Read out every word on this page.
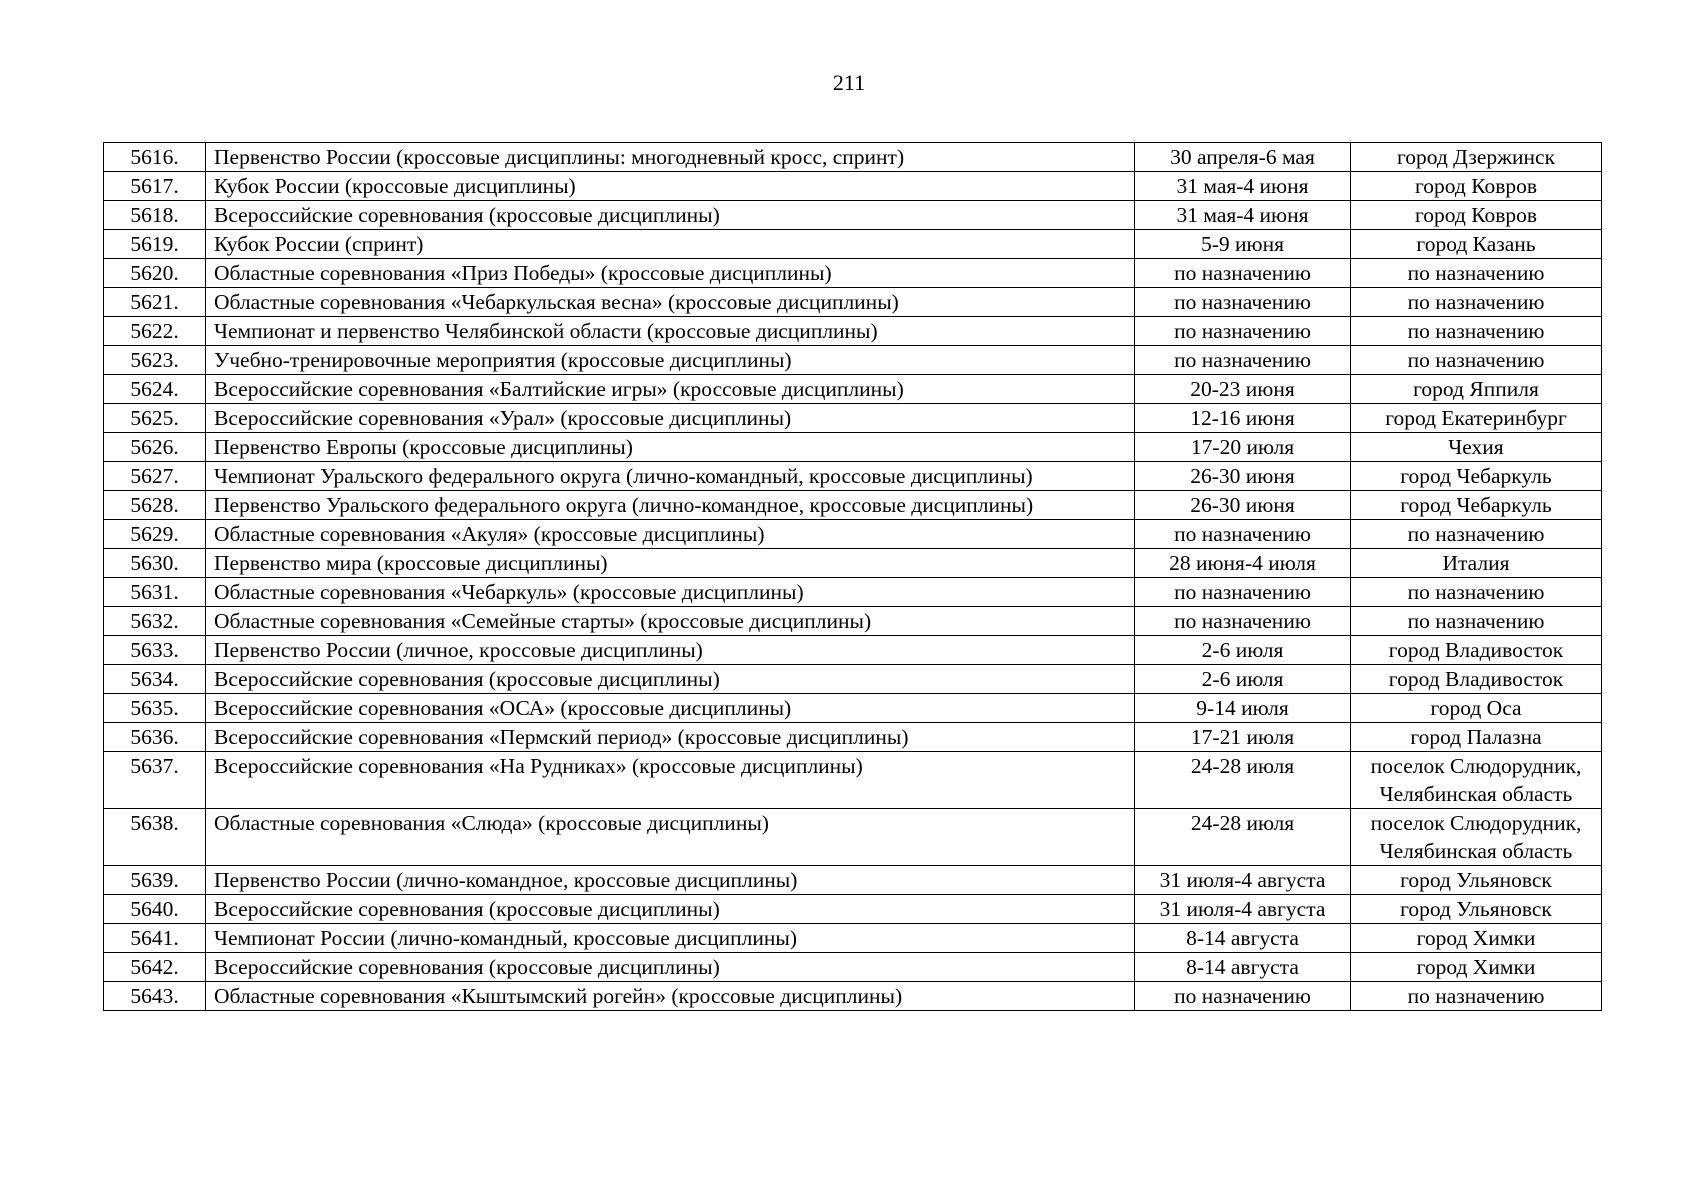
211
5616.	Первенство России (кроссовые дисциплины: многодневный кросс, спринт)	30 апреля-6 мая	город Дзержинск
5617.	Кубок России (кроссовые дисциплины)	31 мая-4 июня	город Ковров
5618.	Всероссийские соревнования (кроссовые дисциплины)	31 мая-4 июня	город Ковров
5619.	Кубок России (спринт)	5-9 июня	город Казань
5620.	Областные соревнования «Приз Победы» (кроссовые дисциплины)	по назначению	по назначению
5621.	Областные соревнования «Чебаркульская весна» (кроссовые дисциплины)	по назначению	по назначению
5622.	Чемпионат и первенство Челябинской области (кроссовые дисциплины)	по назначению	по назначению
5623.	Учебно-тренировочные мероприятия (кроссовые дисциплины)	по назначению	по назначению
5624.	Всероссийские соревнования «Балтийские игры» (кроссовые дисциплины)	20-23 июня	город Яппиля
5625.	Всероссийские соревнования «Урал» (кроссовые дисциплины)	12-16 июня	город Екатеринбург
5626.	Первенство Европы (кроссовые дисциплины)	17-20 июля	Чехия
5627.	Чемпионат Уральского федерального округа (лично-командный, кроссовые дисциплины)	26-30 июня	город Чебаркуль
5628.	Первенство Уральского федерального округа (лично-командное, кроссовые дисциплины)	26-30 июня	город Чебаркуль
5629.	Областные соревнования «Акуля» (кроссовые дисциплины)	по назначению	по назначению
5630.	Первенство мира (кроссовые дисциплины)	28 июня-4 июля	Италия
5631.	Областные соревнования «Чебаркуль» (кроссовые дисциплины)	по назначению	по назначению
5632.	Областные соревнования «Семейные старты» (кроссовые дисциплины)	по назначению	по назначению
5633.	Первенство России (личное, кроссовые дисциплины)	2-6 июля	город Владивосток
5634.	Всероссийские соревнования (кроссовые дисциплины)	2-6 июля	город Владивосток
5635.	Всероссийские соревнования «ОСА» (кроссовые дисциплины)	9-14 июля	город Оса
5636.	Всероссийские соревнования «Пермский период» (кроссовые дисциплины)	17-21 июля	город Палазна
5637.	Всероссийские соревнования «На Рудниках» (кроссовые дисциплины)	24-28 июля	поселок Слюдорудник, Челябинская область
5638.	Областные соревнования «Слюда» (кроссовые дисциплины)	24-28 июля	поселок Слюдорудник, Челябинская область
5639.	Первенство России (лично-командное, кроссовые дисциплины)	31 июля-4 августа	город Ульяновск
5640.	Всероссийские соревнования (кроссовые дисциплины)	31 июля-4 августа	город Ульяновск
5641.	Чемпионат России (лично-командный, кроссовые дисциплины)	8-14 августа	город Химки
5642.	Всероссийские соревнования (кроссовые дисциплины)	8-14 августа	город Химки
5643.	Областные соревнования «Кыштымский рогейн» (кроссовые дисциплины)	по назначению	по назначению
